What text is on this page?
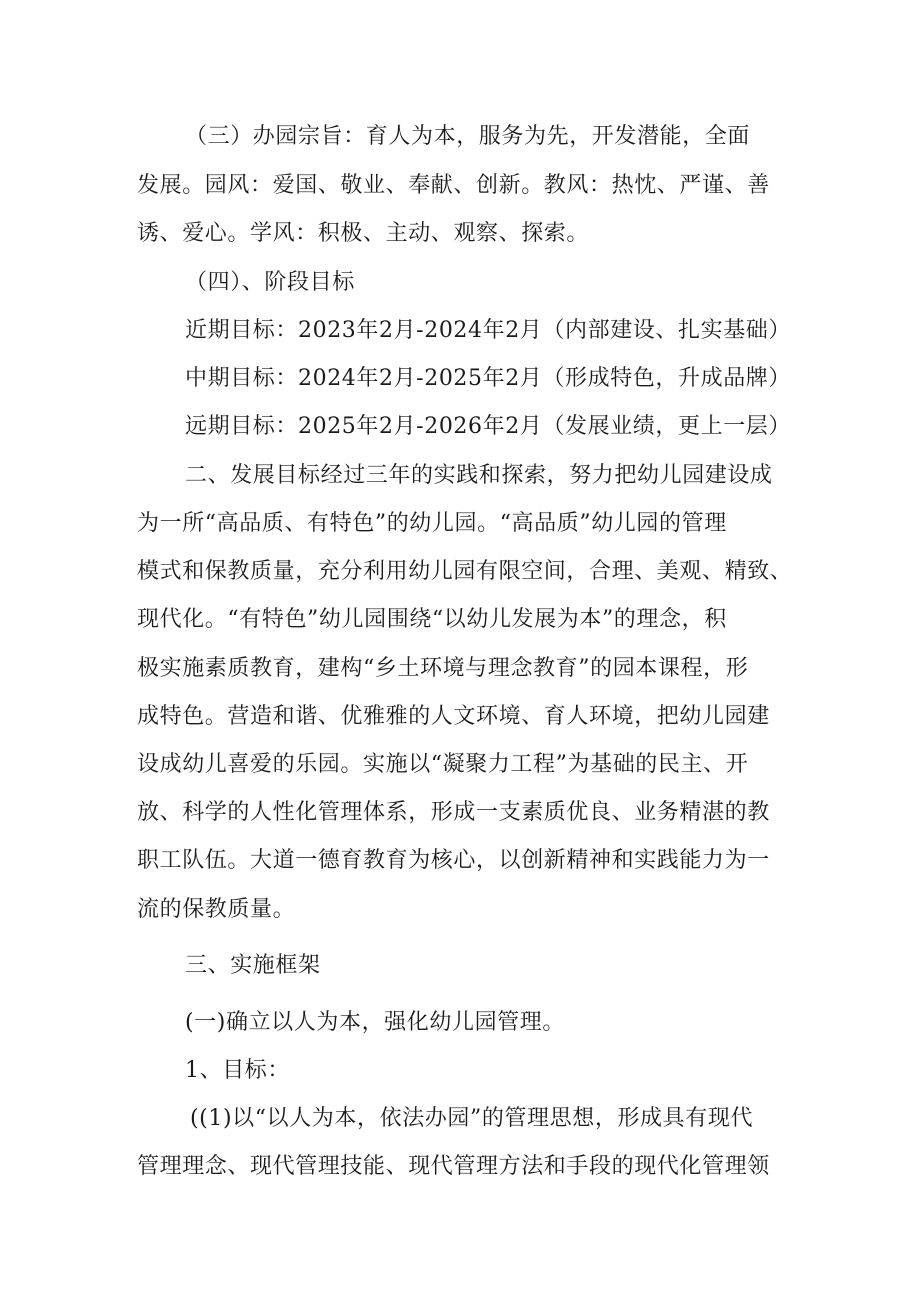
（三）办园宗旨：育人为本，服务为先，开发潜能，全面
发展。园风：爱国、敬业、奉献、创新。教风：热忱、严谨、善
诱、爱心。学风：积极、主动、观察、探索。
（四）、阶段目标
近期目标：2023年2月-2024年2月（内部建设、扎实基础）
中期目标：2024年2月-2025年2月（形成特色，升成品牌）
远期目标：2025年2月-2026年2月（发展业绩，更上一层）
二、发展目标经过三年的实践和探索，努力把幼儿园建设成
为一所“高品质、有特色”的幼儿园。“高品质”幼儿园的管理
模式和保教质量，充分利用幼儿园有限空间，合理、美观、精致、
现代化。“有特色”幼儿园围绕“以幼儿发展为本”的理念，积
极实施素质教育，建构“乡土环境与理念教育”的园本课程，形
成特色。营造和谐、优雅雅的人文环境、育人环境，把幼儿园建
设成幼儿喜爱的乐园。实施以“凝聚力工程”为基础的民主、开
放、科学的人性化管理体系，形成一支素质优良、业务精湛的教
职工队伍。大道一德育教育为核心，以创新精神和实践能力为一
流的保教质量。
三、实施框架
(一)确立以人为本，强化幼儿园管理。
1、目标：
((1)以“以人为本，依法办园”的管理思想，形成具有现代
管理理念、现代管理技能、现代管理方法和手段的现代化管理领
